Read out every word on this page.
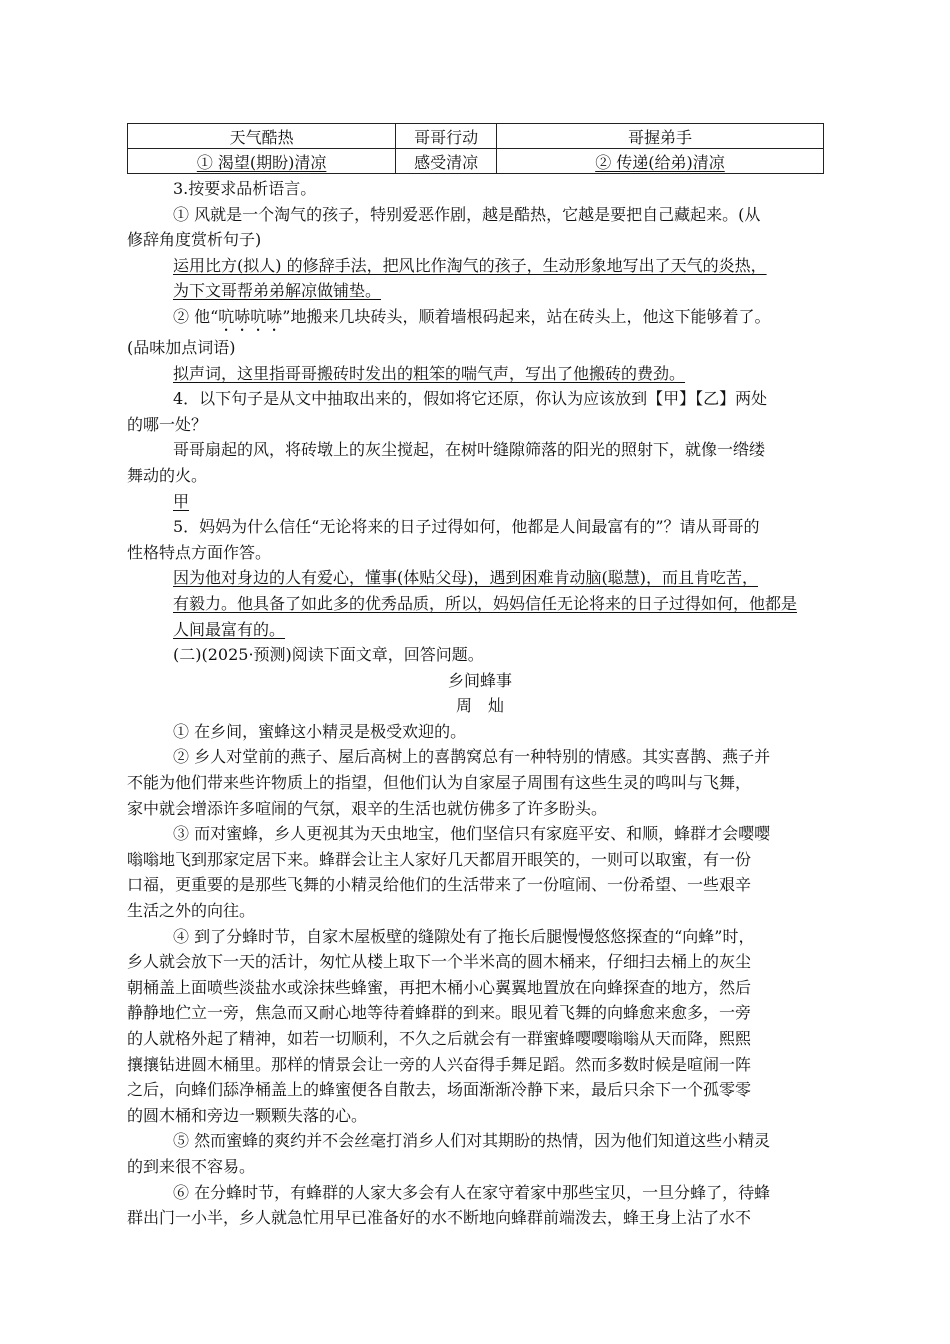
天气酷热	哥哥行动	哥握弟手
① 渴望(期盼)清凉	感受清凉	② 传递(给弟)清凉

3.按要求品析语言。

① 风就是一个淘气的孩子，特别爱恶作剧，越是酷热，它越是要把自己藏起来。(从

修辞角度赏析句子)

运用比方(拟人) 的修辞手法，把风比作淘气的孩子，生动形象地写出了天气的炎热，

为下文哥帮弟弟解凉做铺垫。

② 他“吭哧吭哧”地搬来几块砖头，顺着墙根码起来，站在砖头上，他这下能够着了。

(品味加点词语)

拟声词，这里指哥哥搬砖时发出的粗笨的喘气声，写出了他搬砖的费劲。

4．以下句子是从文中抽取出来的，假如将它还原，你认为应该放到【甲】【乙】两处

的哪一处？

哥哥扇起的风，将砖墩上的灰尘搅起，在树叶缝隙筛落的阳光的照射下，就像一绺缕

舞动的火。

甲

5．妈妈为什么信任“无论将来的日子过得如何，他都是人间最富有的”？请从哥哥的

性格特点方面作答。

因为他对身边的人有爱心，懂事(体贴父母)，遇到困难肯动脑(聪慧)，而且肯吃苦，

有毅力。他具备了如此多的优秀品质，所以，妈妈信任无论将来的日子过得如何，他都是

人间最富有的。

(二)(2025·预测)阅读下面文章，回答问题。

乡间蜂事

周　灿

① 在乡间，蜜蜂这小精灵是极受欢迎的。

② 乡人对堂前的燕子、屋后高树上的喜鹊窝总有一种特别的情感。其实喜鹊、燕子并

不能为他们带来些许物质上的指望，但他们认为自家屋子周围有这些生灵的鸣叫与飞舞，

家中就会增添许多喧闹的气氛，艰辛的生活也就仿佛多了许多盼头。

③ 而对蜜蜂，乡人更视其为天虫地宝，他们坚信只有家庭平安、和顺，蜂群才会嘤嘤

嗡嗡地飞到那家定居下来。蜂群会让主人家好几天都眉开眼笑的，一则可以取蜜，有一份

口福，更重要的是那些飞舞的小精灵给他们的生活带来了一份喧闹、一份希望、一些艰辛

生活之外的向往。

④ 到了分蜂时节，自家木屋板壁的缝隙处有了拖长后腿慢慢悠悠探查的“向蜂”时，

乡人就会放下一天的活计，匆忙从楼上取下一个半米高的圆木桶来，仔细扫去桶上的灰尘

朝桶盖上面喷些淡盐水或涂抹些蜂蜜，再把木桶小心翼翼地置放在向蜂探查的地方，然后

静静地伫立一旁，焦急而又耐心地等待着蜂群的到来。眼见着飞舞的向蜂愈来愈多，一旁

的人就格外起了精神，如若一切顺利，不久之后就会有一群蜜蜂嘤嘤嗡嗡从天而降，熙熙

攘攘钻进圆木桶里。那样的情景会让一旁的人兴奋得手舞足蹈。然而多数时候是喧闹一阵

之后，向蜂们舔净桶盖上的蜂蜜便各自散去，场面渐渐冷静下来，最后只余下一个孤零零

的圆木桶和旁边一颗颗失落的心。

⑤ 然而蜜蜂的爽约并不会丝毫打消乡人们对其期盼的热情，因为他们知道这些小精灵

的到来很不容易。

⑥ 在分蜂时节，有蜂群的人家大多会有人在家守着家中那些宝贝，一旦分蜂了，待蜂

群出门一小半，乡人就急忙用早已准备好的水不断地向蜂群前端泼去，蜂王身上沾了水不
